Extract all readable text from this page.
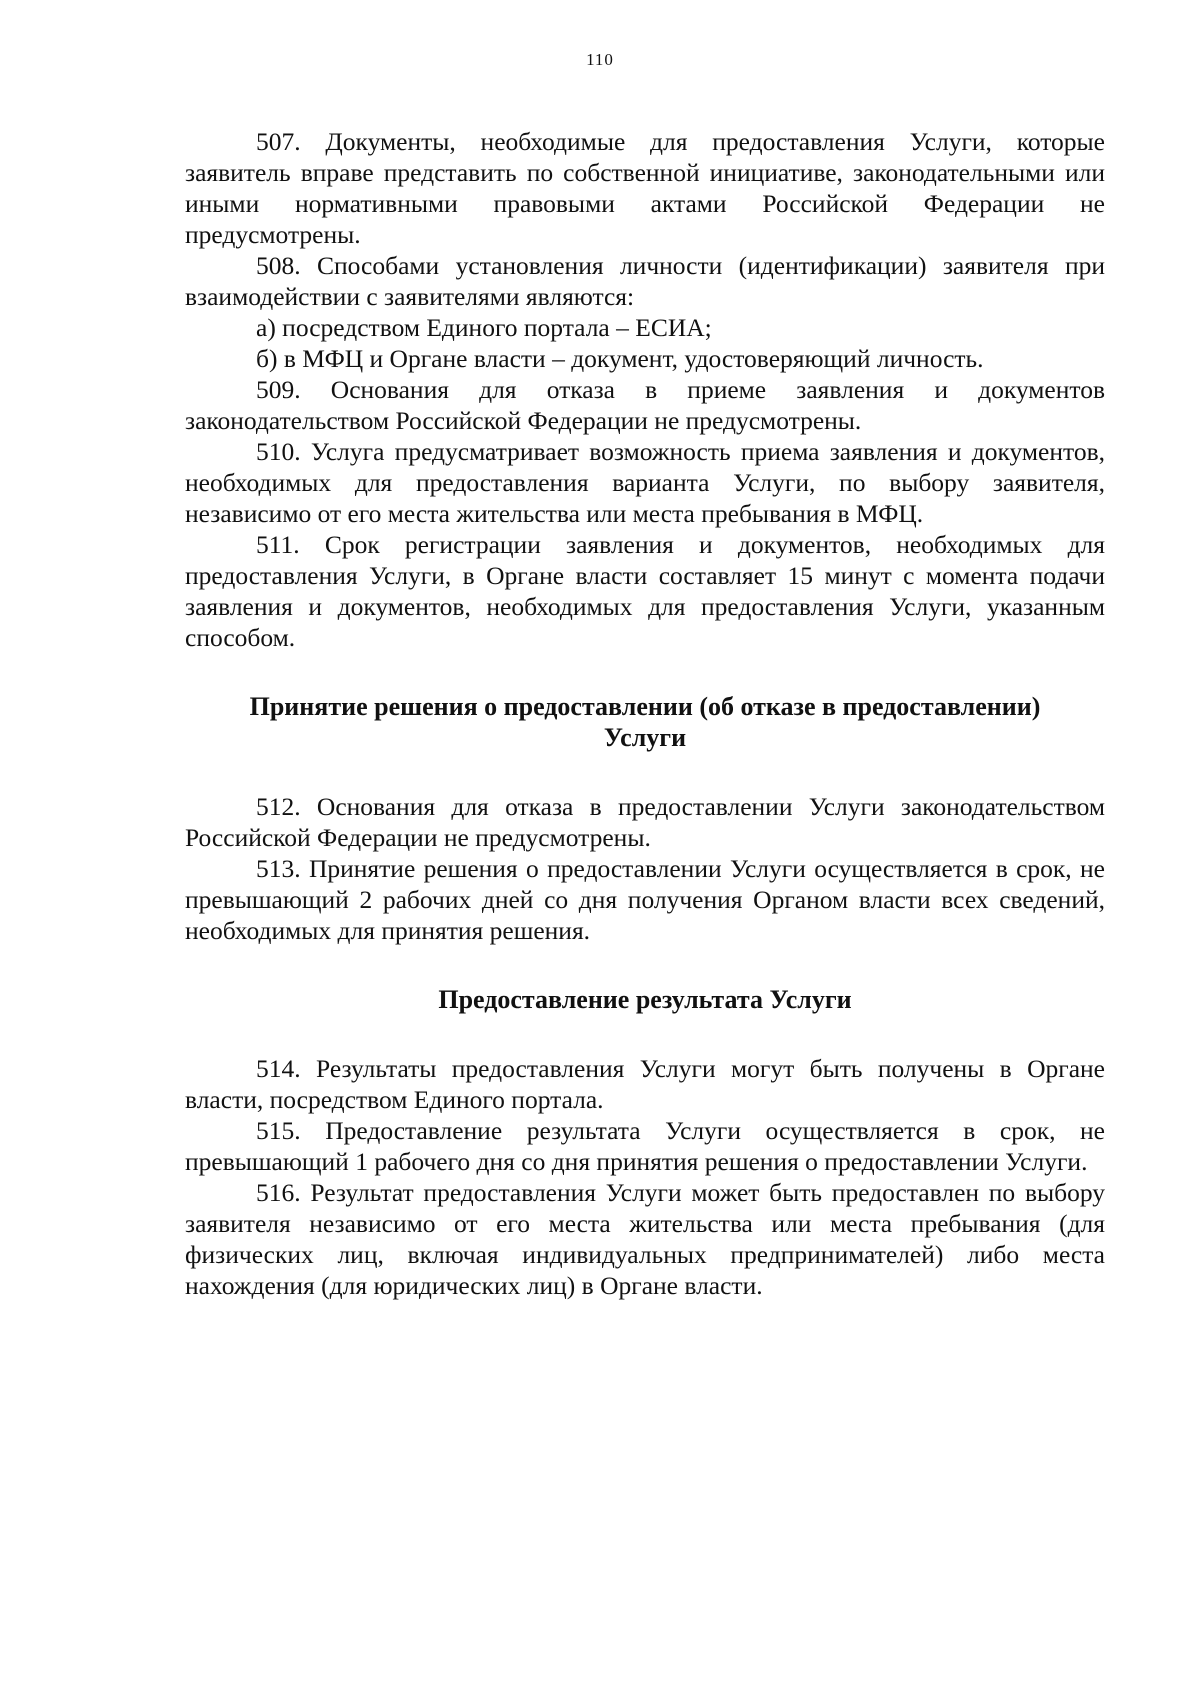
110

507. Документы, необходимые для предоставления Услуги, которые заявитель вправе представить по собственной инициативе, законодательными или иными нормативными правовыми актами Российской Федерации не предусмотрены.

508. Способами установления личности (идентификации) заявителя при взаимодействии с заявителями являются:

а) посредством Единого портала – ЕСИА;

б) в МФЦ и Органе власти – документ, удостоверяющий личность.

509. Основания для отказа в приеме заявления и документов законодательством Российской Федерации не предусмотрены.

510. Услуга предусматривает возможность приема заявления и документов, необходимых для предоставления варианта Услуги, по выбору заявителя, независимо от его места жительства или места пребывания в МФЦ.

511. Срок регистрации заявления и документов, необходимых для предоставления Услуги, в Органе власти составляет 15 минут с момента подачи заявления и документов, необходимых для предоставления Услуги, указанным способом.

Принятие решения о предоставлении (об отказе в предоставлении)

Услуги

512. Основания для отказа в предоставлении Услуги законодательством Российской Федерации не предусмотрены.

513. Принятие решения о предоставлении Услуги осуществляется в срок, не превышающий 2 рабочих дней со дня получения Органом власти всех сведений, необходимых для принятия решения.

Предоставление результата Услуги

514. Результаты предоставления Услуги могут быть получены в Органе власти, посредством Единого портала.

515. Предоставление результата Услуги осуществляется в срок, не превышающий 1 рабочего дня со дня принятия решения о предоставлении Услуги.

516. Результат предоставления Услуги может быть предоставлен по выбору заявителя независимо от его места жительства или места пребывания (для физических лиц, включая индивидуальных предпринимателей) либо места нахождения (для юридических лиц) в Органе власти.
